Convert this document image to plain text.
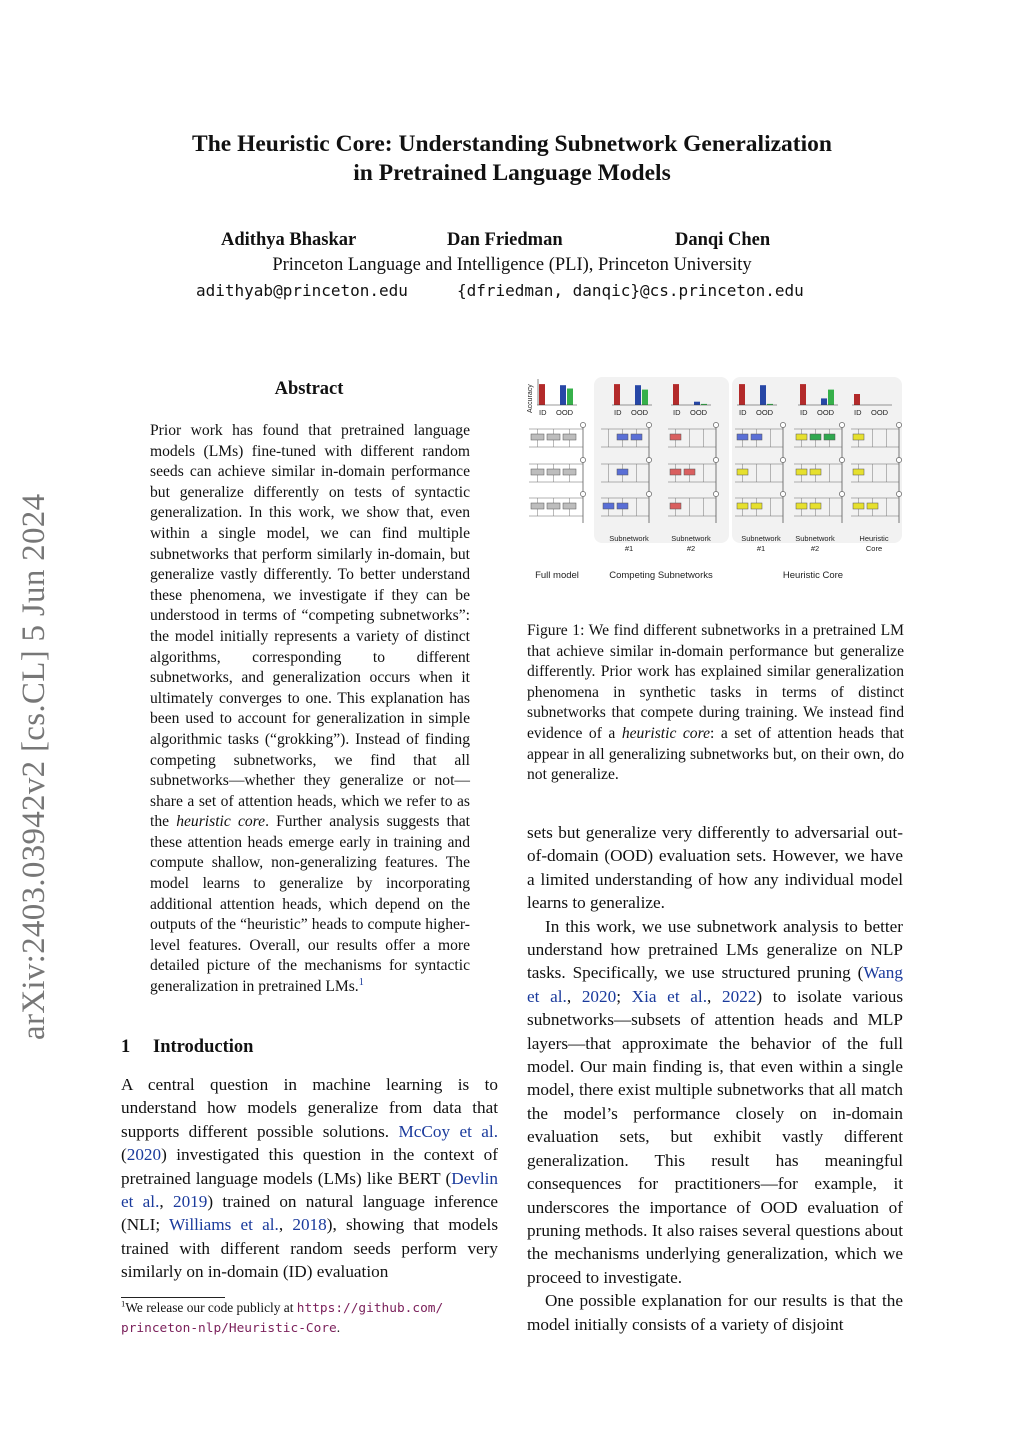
The Heuristic Core: Understanding Subnetwork Generalization
in Pretrained Language Models
Adithya Bhaskar	Dan Friedman	Danqi Chen
Princeton Language and Intelligence (PLI), Princeton University
adithyab@princeton.edu	{dfriedman, danqic}@cs.princeton.edu
arXiv:2403.03942v2 [cs.CL] 5 Jun 2024
Abstract
Prior work has found that pretrained language models (LMs) fine-tuned with different random seeds can achieve similar in-domain performance but generalize differently on tests of syntactic generalization. In this work, we show that, even within a single model, we can find multiple subnetworks that perform similarly in-domain, but generalize vastly differently. To better understand these phenomena, we investigate if they can be understood in terms of “competing subnetworks”: the model initially represents a variety of distinct algorithms, corresponding to different subnetworks, and generalization occurs when it ultimately converges to one. This explanation has been used to account for generalization in simple algorithmic tasks (“grokking”). Instead of finding competing subnetworks, we find that all subnetworks—whether they generalize or not—share a set of attention heads, which we refer to as the heuristic core. Further analysis suggests that these attention heads emerge early in training and compute shallow, non-generalizing features. The model learns to generalize by incorporating additional attention heads, which depend on the outputs of the “heuristic” heads to compute higher-level features. Overall, our results offer a more detailed picture of the mechanisms for syntactic generalization in pretrained LMs.$^1$
1 Introduction

A central question in machine learning is to understand how models generalize from data that supports different possible solutions. McCoy et al. (2020) investigated this question in the context of pretrained language models (LMs) like BERT (Devlin et al., 2019) trained on natural language inference (NLI; Williams et al., 2018), showing that models trained with different random seeds perform very similarly on in-domain (ID) evaluation

$^1$We release our code publicly at https://github.com/
princeton-nlp/Heuristic-Core.
Accuracy ID OOD	ID OOD	ID OOD	ID OOD	ID OOD	ID OOD
Subnetwork
#1
Subnetwork
#2
Subnetwork
#1
Subnetwork
#2
Heuristic
Core
Full model	Competing Subnetworks	Heuristic Core
Figure 1: We find different subnetworks in a pretrained LM that achieve similar in-domain performance but generalize differently. Prior work has explained similar generalization phenomena in synthetic tasks in terms of distinct subnetworks that compete during training. We instead find evidence of a heuristic core: a set of attention heads that appear in all generalizing subnetworks but, on their own, do not generalize.

sets but generalize very differently to adversarial out-of-domain (OOD) evaluation sets. However, we have a limited understanding of how any individual model learns to generalize.

In this work, we use subnetwork analysis to better understand how pretrained LMs generalize on NLP tasks. Specifically, we use structured pruning (Wang et al., 2020; Xia et al., 2022) to isolate various subnetworks—subsets of attention heads and MLP layers—that approximate the behavior of the full model. Our main finding is, that even within a single model, there exist multiple subnetworks that all match the model’s performance closely on in-domain evaluation sets, but exhibit vastly different generalization. This result has meaningful consequences for practitioners—for example, it underscores the importance of OOD evaluation of pruning methods. It also raises several questions about the mechanisms underlying generalization, which we proceed to investigate.

One possible explanation for our results is that the model initially consists of a variety of disjoint
